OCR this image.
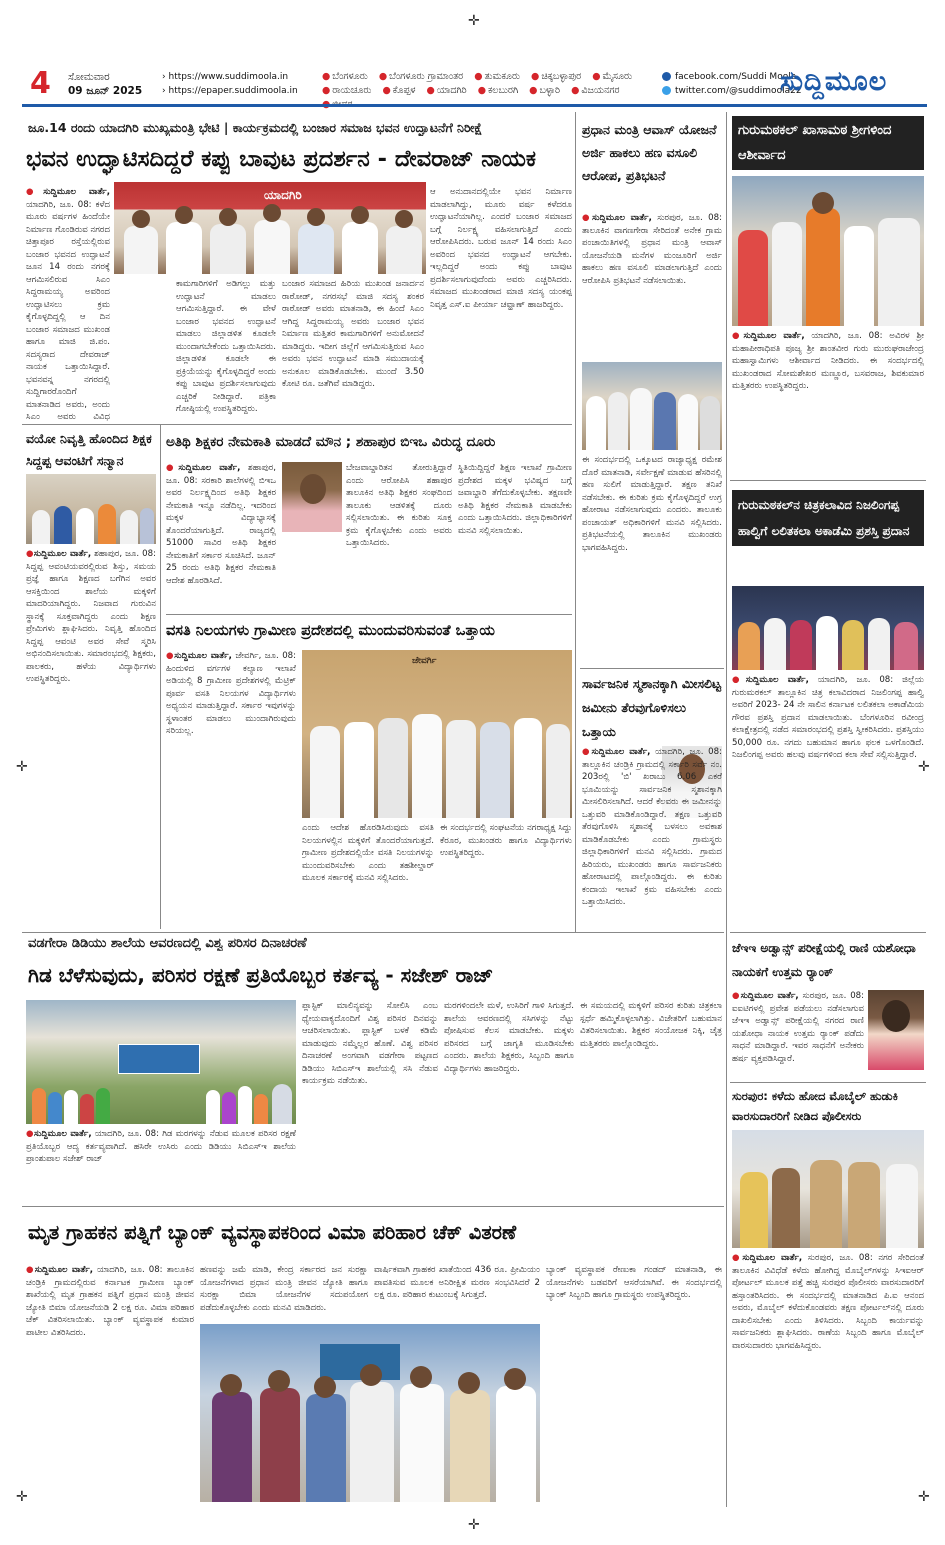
✛
✛	✛
✛
✛	✛
4 ಸೋಮವಾರ
09 ಜೂನ್ 2025
› https://www.suddimoola.in
› https://epaper.suddimoola.in
● ಬೆಂಗಳೂರು ● ಬೆಂಗಳೂರು ಗ್ರಾಮಾಂತರ ● ತುಮಕೂರು ● ಚಿಕ್ಕಬಳ್ಳಾಪುರ ● ಮೈಸೂರು
● ರಾಯಚೂರು ● ಕೊಪ್ಪಳ ● ಯಾದಗಿರಿ ● ಕಲಬುರಗಿ ● ಬಳ್ಳಾರಿ ● ವಿಜಯನಗರ
facebook.com/Suddi Moola
twitter.com/@suddimoola22
ಸುದ್ದಿಮೂಲ
ಜೂ.14 ರಂದು ಯಾದಗಿರಿ ಮುಖ್ಯಮಂತ್ರಿ ಭೇಟಿ | ಕಾರ್ಯಕ್ರಮದಲ್ಲಿ ಬಂಜಾರ ಸಮಾಜ ಭವನ ಉದ್ಘಾಟನೆಗೆ ನಿರೀಕ್ಷೆ
ಭವನ ಉದ್ಘಾಟಿಸದಿದ್ದರೆ ಕಪ್ಪು ಬಾವುಟ ಪ್ರದರ್ಶನ - ದೇವರಾಜ್ ನಾಯಕ
●ಸುದ್ದಿಮೂಲ ವಾರ್ತೆ, ಯಾದಗಿರಿ, ಜೂ. 08: ಕಳೆದ ಮೂರು ವರ್ಷಗಳ ಹಿಂದೆಯೇ ನಿರ್ಮಾಣ ಗೊಂಡಿರುವ ನಗರದ ಚಿತ್ತಾಪೂರ ರಸ್ತೆಯಲ್ಲಿರುವ ಬಂಜಾರ ಭವನದ ಉದ್ಘಾಟನೆ ಜೂನ 14 ರಂದು ನಗರಕ್ಕೆ ಆಗಮಿಸಲಿರುವ ಸಿಎಂ ಸಿದ್ದರಾಮಯ್ಯ ಅವರಿಂದ ಉದ್ಘಾಟಿಸಲು ಕ್ರಮ ಕೈಗೊಳ್ಳದಿದ್ದಲ್ಲಿ ಆ ದಿನ ಬಂಜಾರ ಸಮಾಜದ ಮುಖಂಡ ಹಾಗೂ ಮಾಜಿ ಜಿ.ಪಂ. ಸದಸ್ಯರಾದ ದೇವರಾಜ್ ನಾಯಕ ಒತ್ತಾಯಿಸಿದ್ದಾರೆ. ಭವನವನ್ನ ನಗರದಲ್ಲಿ ಸುದ್ದಿಗಾರರೊಂದಿಗೆ ಮಾತನಾಡಿದ ಅವರು, ಅಂದು ಸಿಎಂ ಅವರು ವಿವಿಧ
ಯಾದಗಿರಿ
ಕಾಮಗಾರಿಗಳಿಗೆ ಅಡಿಗಲ್ಲು ಮತ್ತು ಉದ್ಘಾಟನೆ ಮಾಡಲು ಆಗಮಿಸುತ್ತಿದ್ದಾರೆ. ಈ ವೇಳೆ ಬಂಜಾರ ಭವನದ ಉದ್ಘಾಟನೆ ಮಾಡಲು ಜಿಲ್ಲಾಡಳಿತ ಕೂಡಲೇ ಮುಂದಾಗಬೇಕೆಂದು ಒತ್ತಾಯಿಸಿದರು. ಜಿಲ್ಲಾಡಳಿತ ಕೂಡಲೇ ಈ ಪ್ರಕ್ರಿಯೆಯನ್ನು ಕೈಗೊಳ್ಳದಿದ್ದರೆ ಅಂದು ಕಪ್ಪು ಬಾವುಟ ಪ್ರದರ್ಶಿಸಲಾಗುವುದು ಎಚ್ಚರಿಕೆ ನೀಡಿದ್ದಾರೆ. ಪತ್ರಿಕಾ ಗೋಷ್ಠಿಯಲ್ಲಿ ಉಪಸ್ಥಿತರಿದ್ದರು.
ಬಂಜಾರ ಸಮಾಜದ ಹಿರಿಯ ಮುಖಂಡ ಜನಾರ್ದನ ರಾಠೋಡ್, ನಗರಸಭೆ ಮಾಜಿ ಸದಸ್ಯ ಶಂಕರ ರಾಠೋಡ್ ಅವರು ಮಾತನಾಡಿ, ಈ ಹಿಂದೆ ಸಿಎಂ ಆಗಿದ್ದ ಸಿದ್ದರಾಮಯ್ಯ ಅವರು ಬಂಜಾರ ಭವನ ನಿರ್ಮಾಣ ಮತ್ತಿತರ ಕಾಮಗಾರಿಗಳಿಗೆ ಅನುಮೋದನೆ ಮಾಡಿದ್ದರು. ಇದೀಗ ಜಿಲ್ಲೆಗೆ ಆಗಮಿಸುತ್ತಿರುವ ಸಿಎಂ ಅವರು ಭವನ ಉದ್ಘಾಟನೆ ಮಾಡಿ ಸಮುದಾಯಕ್ಕೆ ಅನುಕೂಲ ಮಾಡಿಕೊಡಬೇಕು. ಮುಂದೆ 3.50 ಕೋಟಿ ರೂ. ಜತೆಗಿವೆ ಮಾಡಿದ್ದರು.
ಆ ಅನುದಾನದಲ್ಲಿಯೇ ಭವನ ನಿರ್ಮಾಣ ಮಾಡಲಾಗಿದ್ದು, ಮೂರು ವರ್ಷ ಕಳೆದರೂ ಉದ್ಘಾಟನೆಯಾಗಿಲ್ಲ. ಎಂದರೆ ಬಂಜಾರ ಸಮಾಜದ ಬಗ್ಗೆ ನಿರ್ಲಕ್ಷ್ಯ ವಹಿಸಲಾಗುತ್ತಿದೆ ಎಂದು ಆರೋಪಿಸಿದರು. ಬರುವ ಜೂನ್ 14 ರಂದು ಸಿಎಂ ಅವರಿಂದ ಭವನದ ಉದ್ಘಾಟನೆ ಆಗಬೇಕು. ಇಲ್ಲದಿದ್ದರೆ ಅಂದು ಕಪ್ಪು ಬಾವುಟ ಪ್ರದರ್ಶಿಸಲಾಗುವುದೆಂದು ಅವರು ಎಚ್ಚರಿಸಿದರು. ಸಮಾಜದ ಮುಖಂಡರಾದ ಮಾಜಿ ಸದಸ್ಯ ಯಂಕಪ್ಪ ನಿವೃತ್ತ ಎಸ್.ಐ ಪೀರ್ಯಾ ಚವ್ಹಾಣ್ ಹಾಜರಿದ್ದರು.
ವಯೋ ನಿವೃತ್ತಿ ಹೊಂದಿದ ಶಿಕ್ಷಕ ಸಿದ್ದಪ್ಪ ಆವಂಟಿಗೆ ಸನ್ಮಾನ
●ಸುದ್ದಿಮೂಲ ವಾರ್ತೆ, ಶಹಾಪುರ, ಜೂ. 08: ಸಿದ್ದಪ್ಪ ಆವಂಟಿಯವರಲ್ಲಿರುವ ಶಿಸ್ತು, ಸಮಯ ಪ್ರಜ್ಞೆ ಹಾಗೂ ಶಿಕ್ಷಣದ ಬಗೆಗಿನ ಅವರ ಆಸಕ್ತಿಯಿಂದ ಶಾಲೆಯ ಮಕ್ಕಳಿಗೆ ಮಾದರಿಯಾಗಿದ್ದರು. ನಿಜವಾದ ಗುರುವಿನ ಸ್ಥಾನಕ್ಕೆ ಸೂಕ್ತವಾಗಿದ್ದರು ಎಂದು ಶಿಕ್ಷಣ ಪ್ರೇಮಿಗಳು ಶ್ಲಾಘಿಸಿದರು. ನಿವೃತ್ತಿ ಹೊಂದಿದ ಸಿದ್ದಪ್ಪ ಆವಂಟಿ ಅವರ ಸೇವೆ ಸ್ಮರಿಸಿ ಅಭಿನಂದಿಸಲಾಯಿತು. ಸಮಾರಂಭದಲ್ಲಿ ಶಿಕ್ಷಕರು, ಪಾಲಕರು, ಹಳೆಯ ವಿದ್ಯಾರ್ಥಿಗಳು ಉಪಸ್ಥಿತರಿದ್ದರು.
ಅತಿಥಿ ಶಿಕ್ಷಕರ ನೇಮಕಾತಿ ಮಾಡದೆ ಮೌನ ; ಶಹಾಪುರ ಬಿಇಒ ವಿರುದ್ಧ ದೂರು
●ಸುದ್ದಿಮೂಲ ವಾರ್ತೆ, ಶಹಾಪುರ, ಜೂ. 08: ಸರಕಾರಿ ಶಾಲೆಗಳಲ್ಲಿ ಬಿಇಒ ಅವರ ನಿರ್ಲಕ್ಷ್ಯದಿಂದ ಅತಿಥಿ ಶಿಕ್ಷಕರ ನೇಮಕಾತಿ ಇನ್ನೂ ನಡೆದಿಲ್ಲ. ಇದರಿಂದ ಮಕ್ಕಳ ವಿದ್ಯಾಭ್ಯಾಸಕ್ಕೆ ತೊಂದರೆಯಾಗುತ್ತಿದೆ. ರಾಜ್ಯದಲ್ಲಿ 51000 ಸಾವಿರ ಅತಿಥಿ ಶಿಕ್ಷಕರ ನೇಮಕಾತಿಗೆ ಸರ್ಕಾರ ಸೂಚಿಸಿದೆ. ಜೂನ್ 25 ರಂದು ಅತಿಥಿ ಶಿಕ್ಷಕರ ನೇಮಕಾತಿ ಆದೇಶ ಹೊರಡಿಸಿದೆ.
ಬೇಜವಾಬ್ದಾರಿತನ ತೋರುತ್ತಿದ್ದಾರೆ ಎಂದು ಆರೋಪಿಸಿ ಶಹಾಪುರ ತಾಲೂಕಿನ ಅತಿಥಿ ಶಿಕ್ಷಕರ ಸಂಘದಿಂದ ತಾಲೂಕು ಆಡಳಿತಕ್ಕೆ ದೂರು ಸಲ್ಲಿಸಲಾಯಿತು. ಈ ಕುರಿತು ಸೂಕ್ತ ಕ್ರಮ ಕೈಗೊಳ್ಳಬೇಕು ಎಂದು ಅವರು ಒತ್ತಾಯಿಸಿದರು.
ಸ್ಥಿತಿಯಿದ್ದಿದ್ದರೆ ಶಿಕ್ಷಣ ಇಲಾಖೆ ಗ್ರಾಮೀಣ ಪ್ರದೇಶದ ಮಕ್ಕಳ ಭವಿಷ್ಯದ ಬಗ್ಗೆ ಜವಾಬ್ದಾರಿ ತೆಗೆದುಕೊಳ್ಳಬೇಕು. ತಕ್ಷಣವೇ ಅತಿಥಿ ಶಿಕ್ಷಕರ ನೇಮಕಾತಿ ಮಾಡಬೇಕು ಎಂದು ಒತ್ತಾಯಿಸಿದರು. ಜಿಲ್ಲಾಧಿಕಾರಿಗಳಿಗೆ ಮನವಿ ಸಲ್ಲಿಸಲಾಯಿತು.
ವಸತಿ ನಿಲಯಗಳು ಗ್ರಾಮೀಣ ಪ್ರದೇಶದಲ್ಲಿ ಮುಂದುವರಿಸುವಂತೆ ಒತ್ತಾಯ
●ಸುದ್ದಿಮೂಲ ವಾರ್ತೆ, ಜೇವರ್ಗಿ, ಜೂ. 08: ಹಿಂದುಳಿದ ವರ್ಗಗಳ ಕಲ್ಯಾಣ ಇಲಾಖೆ ಅಡಿಯಲ್ಲಿ 8 ಗ್ರಾಮೀಣ ಪ್ರದೇಶಗಳಲ್ಲಿ ಮೆಟ್ರಿಕ್ ಪೂರ್ವ ವಸತಿ ನಿಲಯಗಳ ವಿದ್ಯಾರ್ಥಿಗಳು ಅಧ್ಯಯನ ಮಾಡುತ್ತಿದ್ದಾರೆ. ಸರ್ಕಾರ ಇವುಗಳನ್ನು ಸ್ಥಳಾಂತರ ಮಾಡಲು ಮುಂದಾಗಿರುವುದು ಸರಿಯಲ್ಲ.
ಜೇವರ್ಗಿ
ಎಂದು ಆದೇಶ ಹೊರಡಿಸಿರುವುದು ವಸತಿ ನಿಲಯಗಳಲ್ಲಿನ ಮಕ್ಕಳಿಗೆ ತೊಂದರೆಯಾಗುತ್ತದೆ. ಗ್ರಾಮೀಣ ಪ್ರದೇಶದಲ್ಲಿಯೇ ವಸತಿ ನಿಲಯಗಳನ್ನು ಮುಂದುವರಿಸಬೇಕು ಎಂದು ತಹಶೀಲ್ದಾರ್ ಮೂಲಕ ಸರ್ಕಾರಕ್ಕೆ ಮನವಿ ಸಲ್ಲಿಸಿದರು.
ಈ ಸಂದರ್ಭದಲ್ಲಿ ಸಂಘಟನೆಯ ನಗರಾಧ್ಯಕ್ಷ ಸಿದ್ದು ಕೆರೂರ, ಮುಖಂಡರು ಹಾಗೂ ವಿದ್ಯಾರ್ಥಿಗಳು ಉಪಸ್ಥಿತರಿದ್ದರು.
ವಡಗೇರಾ ಡಿಡಿಯು ಶಾಲೆಯ ಆವರಣದಲ್ಲಿ ವಿಶ್ವ ಪರಿಸರ ದಿನಾಚರಣೆ
ಗಿಡ ಬೆಳೆಸುವುದು, ಪರಿಸರ ರಕ್ಷಣೆ ಪ್ರತಿಯೊಬ್ಬರ ಕರ್ತವ್ಯ - ಸಜೇಶ್ ರಾಜ್
●ಸುದ್ದಿಮೂಲ ವಾರ್ತೆ, ಯಾದಗಿರಿ, ಜೂ. 08: ಗಿಡ ಮರಗಳನ್ನು ನೆಡುವ ಮೂಲಕ ಪರಿಸರ ರಕ್ಷಣೆ ಪ್ರತಿಯೊಬ್ಬರ ಆದ್ಯ ಕರ್ತವ್ಯವಾಗಿದೆ. ಹಸಿರೇ ಉಸಿರು ಎಂದು ಡಿಡಿಯು ಸಿಬಿಎಸ್‌ಇ ಶಾಲೆಯ ಪ್ರಾಂಶುಪಾಲ ಸಜೇಶ್ ರಾಜ್
ಪ್ಲಾಸ್ಟಿಕ್ ಮಾಲಿನ್ಯವನ್ನು ಸೋಲಿಸಿ ಎಂಬ ಧ್ಯೇಯವಾಕ್ಯದೊಂದಿಗೆ ವಿಶ್ವ ಪರಿಸರ ದಿನವನ್ನು ಆಚರಿಸಲಾಯಿತು. ಪ್ಲಾಸ್ಟಿಕ್ ಬಳಕೆ ಕಡಿಮೆ ಮಾಡುವುದು ನಮ್ಮೆಲ್ಲರ ಹೊಣೆ. ವಿಶ್ವ ಪರಿಸರ ದಿನಾಚರಣೆ ಅಂಗವಾಗಿ ವಡಗೇರಾ ಪಟ್ಟಣದ ಡಿಡಿಯು ಸಿಬಿಎಸ್‌ಇ ಶಾಲೆಯಲ್ಲಿ ಸಸಿ ನೆಡುವ ಕಾರ್ಯಕ್ರಮ ನಡೆಯಿತು.
ಮರಗಳಿಂದಲೇ ಮಳೆ, ಉಸಿರಿಗೆ ಗಾಳಿ ಸಿಗುತ್ತದೆ. ಶಾಲೆಯ ಆವರಣದಲ್ಲಿ ಸಸಿಗಳನ್ನು ನೆಟ್ಟು ಪೋಷಿಸುವ ಕೆಲಸ ಮಾಡಬೇಕು. ಮಕ್ಕಳು ಪರಿಸರದ ಬಗ್ಗೆ ಜಾಗೃತಿ ಮೂಡಿಸಬೇಕು ಎಂದರು. ಶಾಲೆಯ ಶಿಕ್ಷಕರು, ಸಿಬ್ಬಂದಿ ಹಾಗೂ ವಿದ್ಯಾರ್ಥಿಗಳು ಹಾಜರಿದ್ದರು.
ಈ ಸಮಯದಲ್ಲಿ ಮಕ್ಕಳಿಗೆ ಪರಿಸರ ಕುರಿತು ಚಿತ್ರಕಲಾ ಸ್ಪರ್ಧೆ ಹಮ್ಮಿಕೊಳ್ಳಲಾಗಿತ್ತು. ವಿಜೇತರಿಗೆ ಬಹುಮಾನ ವಿತರಿಸಲಾಯಿತು. ಶಿಕ್ಷಕರ ಸಂಯೋಜಕ ನಿಕ್ಕಿ, ಚೈತ್ರ ಮತ್ತಿತರರು ಪಾಲ್ಗೊಂಡಿದ್ದರು.
ಮೃತ ಗ್ರಾಹಕನ ಪತ್ನಿಗೆ ಬ್ಯಾಂಕ್ ವ್ಯವಸ್ಥಾಪಕರಿಂದ ವಿಮಾ ಪರಿಹಾರ ಚೆಕ್ ವಿತರಣೆ
●ಸುದ್ದಿಮೂಲ ವಾರ್ತೆ, ಯಾದಗಿರಿ, ಜೂ. 08: ತಾಲೂಕಿನ ಚಂಡ್ರಿಕಿ ಗ್ರಾಮದಲ್ಲಿರುವ ಕರ್ನಾಟಕ ಗ್ರಾಮೀಣ ಬ್ಯಾಂಕ್ ಶಾಖೆಯಲ್ಲಿ ಮೃತ ಗ್ರಾಹಕನ ಪತ್ನಿಗೆ ಪ್ರಧಾನ ಮಂತ್ರಿ ಜೀವನ ಜ್ಯೋತಿ ಬಿಮಾ ಯೋಜನೆಯಡಿ 2 ಲಕ್ಷ ರೂ. ವಿಮಾ ಪರಿಹಾರ ಚೆಕ್ ವಿತರಿಸಲಾಯಿತು. ಬ್ಯಾಂಕ್ ವ್ಯವಸ್ಥಾಪಕ ಕುಮಾರ ಪಾಟೀಲ ವಿತರಿಸಿದರು.
ಹಣವನ್ನು ಜಮೆ ಮಾಡಿ, ಕೇಂದ್ರ ಸರ್ಕಾರದ ಜನ ಸುರಕ್ಷಾ ಯೋಜನೆಗಳಾದ ಪ್ರಧಾನ ಮಂತ್ರಿ ಜೀವನ ಜ್ಯೋತಿ ಹಾಗೂ ಸುರಕ್ಷಾ ಬಿಮಾ ಯೋಜನೆಗಳ ಸದುಪಯೋಗ ಪಡೆದುಕೊಳ್ಳಬೇಕು ಎಂದು ಮನವಿ ಮಾಡಿದರು.
ವಾರ್ಷಿಕವಾಗಿ ಗ್ರಾಹಕರ ಖಾತೆಯಿಂದ 436 ರೂ. ಪ್ರೀಮಿಯಂ ಪಾವತಿಸುವ ಮೂಲಕ ಅನಿರೀಕ್ಷಿತ ಮರಣ ಸಂಭವಿಸಿದರೆ 2 ಲಕ್ಷ ರೂ. ಪರಿಹಾರ ಕುಟುಂಬಕ್ಕೆ ಸಿಗುತ್ತದೆ.
ಬ್ಯಾಂಕ್ ವ್ಯವಸ್ಥಾಪಕ ರೇಣುಕಾ ಗಂಡದ್ ಮಾತನಾಡಿ, ಈ ಯೋಜನೆಗಳು ಬಡವರಿಗೆ ಆಸರೆಯಾಗಿವೆ. ಈ ಸಂದರ್ಭದಲ್ಲಿ ಬ್ಯಾಂಕ್ ಸಿಬ್ಬಂದಿ ಹಾಗೂ ಗ್ರಾಮಸ್ಥರು ಉಪಸ್ಥಿತರಿದ್ದರು.
ಪ್ರಧಾನ ಮಂತ್ರಿ ಆವಾಸ್ ಯೋಜನೆ ಅರ್ಜಿ ಹಾಕಲು ಹಣ ವಸೂಲಿ ಆರೋಪ, ಪ್ರತಿಭಟನೆ
●ಸುದ್ದಿಮೂಲ ವಾರ್ತೆ, ಸುರಪುರ, ಜೂ. 08: ತಾಲೂಕಿನ ವಾಗಣಗೇರಾ ಸೇರಿದಂತೆ ಅನೇಕ ಗ್ರಾಮ ಪಂಚಾಯಿತಿಗಳಲ್ಲಿ ಪ್ರಧಾನ ಮಂತ್ರಿ ಆವಾಸ್ ಯೋಜನೆಯಡಿ ಮನೆಗಳ ಮಂಜೂರಿಗೆ ಅರ್ಜಿ ಹಾಕಲು ಹಣ ವಸೂಲಿ ಮಾಡಲಾಗುತ್ತಿದೆ ಎಂದು ಆರೋಪಿಸಿ ಪ್ರತಿಭಟನೆ ನಡೆಸಲಾಯಿತು.
ಈ ಸಂದರ್ಭದಲ್ಲಿ ಒಕ್ಕೂಟದ ರಾಜ್ಯಾಧ್ಯಕ್ಷ ರಮೇಶ ದೊರೆ ಮಾತನಾಡಿ, ಸರ್ವೇಕ್ಷಣೆ ಮಾಡುವ ಹೆಸರಿನಲ್ಲಿ ಹಣ ಸುಲಿಗೆ ಮಾಡುತ್ತಿದ್ದಾರೆ. ತಕ್ಷಣ ತನಿಖೆ ನಡೆಸಬೇಕು. ಈ ಕುರಿತು ಕ್ರಮ ಕೈಗೊಳ್ಳದಿದ್ದರೆ ಉಗ್ರ ಹೋರಾಟ ನಡೆಸಲಾಗುವುದು ಎಂದರು. ತಾಲೂಕು ಪಂಚಾಯತ್ ಅಧಿಕಾರಿಗಳಿಗೆ ಮನವಿ ಸಲ್ಲಿಸಿದರು. ಪ್ರತಿಭಟನೆಯಲ್ಲಿ ತಾಲೂಕಿನ ಮುಖಂಡರು ಭಾಗವಹಿಸಿದ್ದರು.
ಸಾರ್ವಜನಿಕ ಸ್ಮಶಾನಕ್ಕಾಗಿ ಮೀಸಲಿಟ್ಟ ಜಮೀನು ತೆರವುಗೊಳಿಸಲು ಒತ್ತಾಯ
●ಸುದ್ದಿಮೂಲ ವಾರ್ತೆ, ಯಾದಗಿರಿ, ಜೂ. 08: ತಾಲ್ಲೂಕಿನ ಚಂಡ್ರಿಕಿ ಗ್ರಾಮದಲ್ಲಿ ಸರ್ಕಾರಿ ಸರ್ವೆ ನಂ. 203ರಲ್ಲಿ 'ಬಿ' ಖರಾಬು 6.06 ಎಕರೆ ಭೂಮಿಯನ್ನು ಸಾರ್ವಜನಿಕ ಸ್ಮಶಾನಕ್ಕಾಗಿ ಮೀಸಲಿರಿಸಲಾಗಿದೆ. ಆದರೆ ಕೆಲವರು ಈ ಜಮೀನನ್ನು ಒತ್ತುವರಿ ಮಾಡಿಕೊಂಡಿದ್ದಾರೆ. ತಕ್ಷಣ ಒತ್ತುವರಿ ತೆರವುಗೊಳಿಸಿ ಸ್ಮಶಾನಕ್ಕೆ ಬಳಸಲು ಅವಕಾಶ ಮಾಡಿಕೊಡಬೇಕು ಎಂದು ಗ್ರಾಮಸ್ಥರು ಜಿಲ್ಲಾಧಿಕಾರಿಗಳಿಗೆ ಮನವಿ ಸಲ್ಲಿಸಿದರು. ಗ್ರಾಮದ ಹಿರಿಯರು, ಮುಖಂಡರು ಹಾಗೂ ಸಾರ್ವಜನಿಕರು ಹೋರಾಟದಲ್ಲಿ ಪಾಲ್ಗೊಂಡಿದ್ದರು. ಈ ಕುರಿತು ಕಂದಾಯ ಇಲಾಖೆ ಕ್ರಮ ವಹಿಸಬೇಕು ಎಂದು ಒತ್ತಾಯಿಸಿದರು.
ಗುರುಮಠಕಲ್ ಖಾಸಾಮಠ ಶ್ರೀಗಳಿಂದ ಆಶೀರ್ವಾದ
●ಸುದ್ದಿಮೂಲ ವಾರ್ತೆ, ಯಾದಗಿರಿ, ಜೂ. 08: ಅವಿರಳ ಶ್ರೀ ಮಹಾಪೀಠಾಧಿಪತಿ ಪೂಜ್ಯ ಶ್ರೀ ಶಾಂತವೀರ ಗುರು ಮುರುಘರಾಜೇಂದ್ರ ಮಹಾಸ್ವಾಮಿಗಳು ಆಶೀರ್ವಾದ ನೀಡಿದರು. ಈ ಸಂದರ್ಭದಲ್ಲಿ ಮುಖಂಡರಾದ ಸೋಮಶೇಖರ ಮಣ್ಣೂರ, ಬಸವರಾಜ, ಶಿವಕುಮಾರ ಮತ್ತಿತರರು ಉಪಸ್ಥಿತರಿದ್ದರು.
ಗುರುಮಠಕಲ್‌ನ ಚಿತ್ರಕಲಾವಿದ ನಿಜಲಿಂಗಪ್ಪ ಹಾಲ್ವಿಗೆ ಲಲಿತಕಲಾ ಅಕಾಡೆಮಿ ಪ್ರಶಸ್ತಿ ಪ್ರದಾನ
●ಸುದ್ದಿಮೂಲ ವಾರ್ತೆ, ಯಾದಗಿರಿ, ಜೂ. 08: ಜಿಲ್ಲೆಯ ಗುರುಮಠಕಲ್ ತಾಲ್ಲೂಕಿನ ಚಿತ್ರ ಕಲಾವಿದರಾದ ನಿಜಲಿಂಗಪ್ಪ ಹಾಲ್ವಿ ಅವರಿಗೆ 2023- 24 ನೇ ಸಾಲಿನ ಕರ್ನಾಟಕ ಲಲಿತಕಲಾ ಅಕಾಡೆಮಿಯ ಗೌರವ ಪ್ರಶಸ್ತಿ ಪ್ರದಾನ ಮಾಡಲಾಯಿತು. ಬೆಂಗಳೂರಿನ ರವೀಂದ್ರ ಕಲಾಕ್ಷೇತ್ರದಲ್ಲಿ ನಡೆದ ಸಮಾರಂಭದಲ್ಲಿ ಪ್ರಶಸ್ತಿ ಸ್ವೀಕರಿಸಿದರು. ಪ್ರಶಸ್ತಿಯು 50,000 ರೂ. ನಗದು ಬಹುಮಾನ ಹಾಗೂ ಫಲಕ ಒಳಗೊಂಡಿದೆ. ನಿಜಲಿಂಗಪ್ಪ ಅವರು ಹಲವು ವರ್ಷಗಳಿಂದ ಕಲಾ ಸೇವೆ ಸಲ್ಲಿಸುತ್ತಿದ್ದಾರೆ.
ಜೆಇಇ ಅಡ್ವಾನ್ಸ್ ಪರೀಕ್ಷೆಯಲ್ಲಿ ರಾಣಿ ಯಶೋಧಾ ನಾಯಕಗೆ ಉತ್ತಮ ರ‍್ಯಾಂಕ್
●ಸುದ್ದಿಮೂಲ ವಾರ್ತೆ, ಸುರಪುರ, ಜೂ. 08: ಐಐಟಿಗಳಲ್ಲಿ ಪ್ರವೇಶ ಪಡೆಯಲು ನಡೆಸಲಾಗುವ ಜೆಇಇ ಅಡ್ವಾನ್ಸ್ ಪರೀಕ್ಷೆಯಲ್ಲಿ ನಗರದ ರಾಣಿ ಯಶೋಧಾ ನಾಯಕ ಉತ್ತಮ ರ‍್ಯಾಂಕ್ ಪಡೆದು ಸಾಧನೆ ಮಾಡಿದ್ದಾರೆ. ಇವರ ಸಾಧನೆಗೆ ಅನೇಕರು ಹರ್ಷ ವ್ಯಕ್ತಪಡಿಸಿದ್ದಾರೆ.
ಸುರಪುರ: ಕಳೆದು ಹೋದ ಮೊಬೈಲ್ ಹುಡುಕಿ ವಾರಸುದಾರರಿಗೆ ನೀಡಿದ ಪೊಲೀಸರು
●ಸುದ್ದಿಮೂಲ ವಾರ್ತೆ, ಸುರಪುರ, ಜೂ. 08: ನಗರ ಸೇರಿದಂತೆ ತಾಲೂಕಿನ ವಿವಿಧೆಡೆ ಕಳೆದು ಹೋಗಿದ್ದ ಮೊಬೈಲ್‌ಗಳನ್ನು ಸಿಇಐಆರ್ ಪೋರ್ಟಲ್ ಮೂಲಕ ಪತ್ತೆ ಹಚ್ಚಿ ಸುರಪುರ ಪೊಲೀಸರು ವಾರಸುದಾರರಿಗೆ ಹಸ್ತಾಂತರಿಸಿದರು. ಈ ಸಂದರ್ಭದಲ್ಲಿ ಮಾತನಾಡಿದ ಪಿ.ಐ ಆನಂದ ಅವರು, ಮೊಬೈಲ್ ಕಳೆದುಕೊಂಡವರು ತಕ್ಷಣ ಪೋರ್ಟಲ್‌ನಲ್ಲಿ ದೂರು ದಾಖಲಿಸಬೇಕು ಎಂದು ತಿಳಿಸಿದರು. ಸಿಬ್ಬಂದಿ ಕಾರ್ಯವನ್ನು ಸಾರ್ವಜನಿಕರು ಶ್ಲಾಘಿಸಿದರು. ಠಾಣೆಯ ಸಿಬ್ಬಂದಿ ಹಾಗೂ ಮೊಬೈಲ್ ವಾರಸುದಾರರು ಭಾಗವಹಿಸಿದ್ದರು.
